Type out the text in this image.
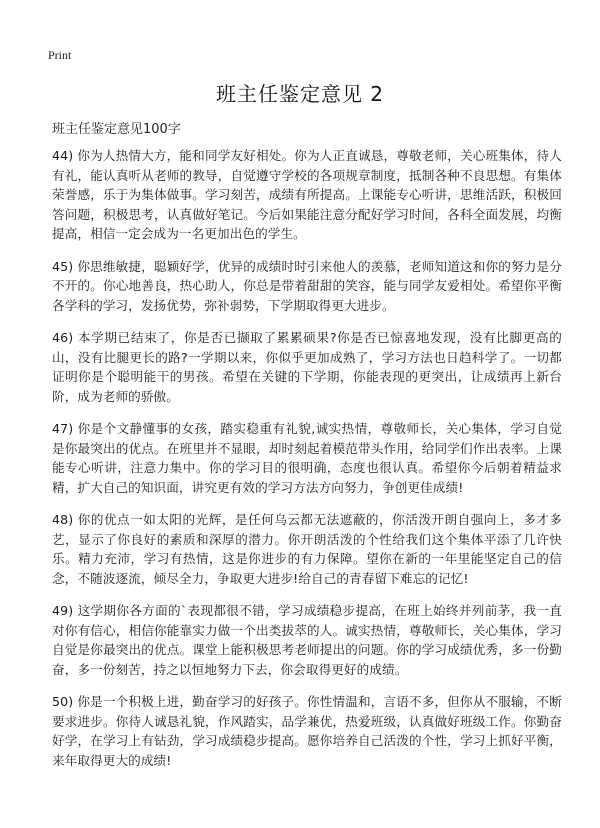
Print
班主任鉴定意见 2

班主任鉴定意见100字

44) 你为人热情大方，能和同学友好相处。你为人正直诚恳，尊敬老师，关心班集体，待人有礼，能认真听从老师的教导，自觉遵守学校的各项规章制度，抵制各种不良思想。有集体荣誉感，乐于为集体做事。学习刻苦，成绩有所提高。上课能专心听讲，思维活跃，积极回答问题，积极思考，认真做好笔记。今后如果能注意分配好学习时间，各科全面发展，均衡提高，相信一定会成为一名更加出色的学生。

45) 你思维敏捷，聪颖好学，优异的成绩时时引来他人的羡慕，老师知道这和你的努力是分不开的。你心地善良，热心助人，你总是带着甜甜的笑容，能与同学友爱相处。希望你平衡各学科的学习，发扬优势，弥补弱势，下学期取得更大进步。

46) 本学期已结束了，你是否已撷取了累累硕果?你是否已惊喜地发现，没有比脚更高的山，没有比腿更长的路?一学期以来，你似乎更加成熟了，学习方法也日趋科学了。一切都证明你是个聪明能干的男孩。希望在关键的下学期，你能表现的更突出，让成绩再上新台阶，成为老师的骄傲。

47) 你是个文静懂事的女孩，踏实稳重有礼貌,诚实热情，尊敬师长，关心集体，学习自觉是你最突出的优点。在班里并不显眼，却时刻起着模范带头作用，给同学们作出表率。上课能专心听讲，注意力集中。你的学习目的很明确，态度也很认真。希望你今后朝着精益求精，扩大自己的知识面，讲究更有效的学习方法方向努力，争创更佳成绩!

48) 你的优点一如太阳的光辉，是任何乌云都无法遮蔽的，你活泼开朗自强向上，多才多艺，显示了你良好的素质和深厚的潜力。你开朗活泼的个性给我们这个集体平添了几许快乐。精力充沛，学习有热情，这是你进步的有力保障。望你在新的一年里能坚定自己的信念，不随波逐流，倾尽全力，争取更大进步!给自己的青春留下难忘的记忆!

49) 这学期你各方面的`表现都很不错，学习成绩稳步提高，在班上始终并列前茅，我一直对你有信心，相信你能靠实力做一个出类拔萃的人。诚实热情，尊敬师长，关心集体，学习自觉是你最突出的优点。课堂上能积极思考老师提出的问题。你的学习成绩优秀，多一份勤奋，多一份刻苦，持之以恒地努力下去，你会取得更好的成绩。

50) 你是一个积极上进，勤奋学习的好孩子。你性情温和，言语不多，但你从不服输，不断要求进步。你待人诚恳礼貌，作风踏实，品学兼优，热爱班级，认真做好班级工作。你勤奋好学，在学习上有钻劲，学习成绩稳步提高。愿你培养自己活泼的个性，学习上抓好平衡，来年取得更大的成绩!
